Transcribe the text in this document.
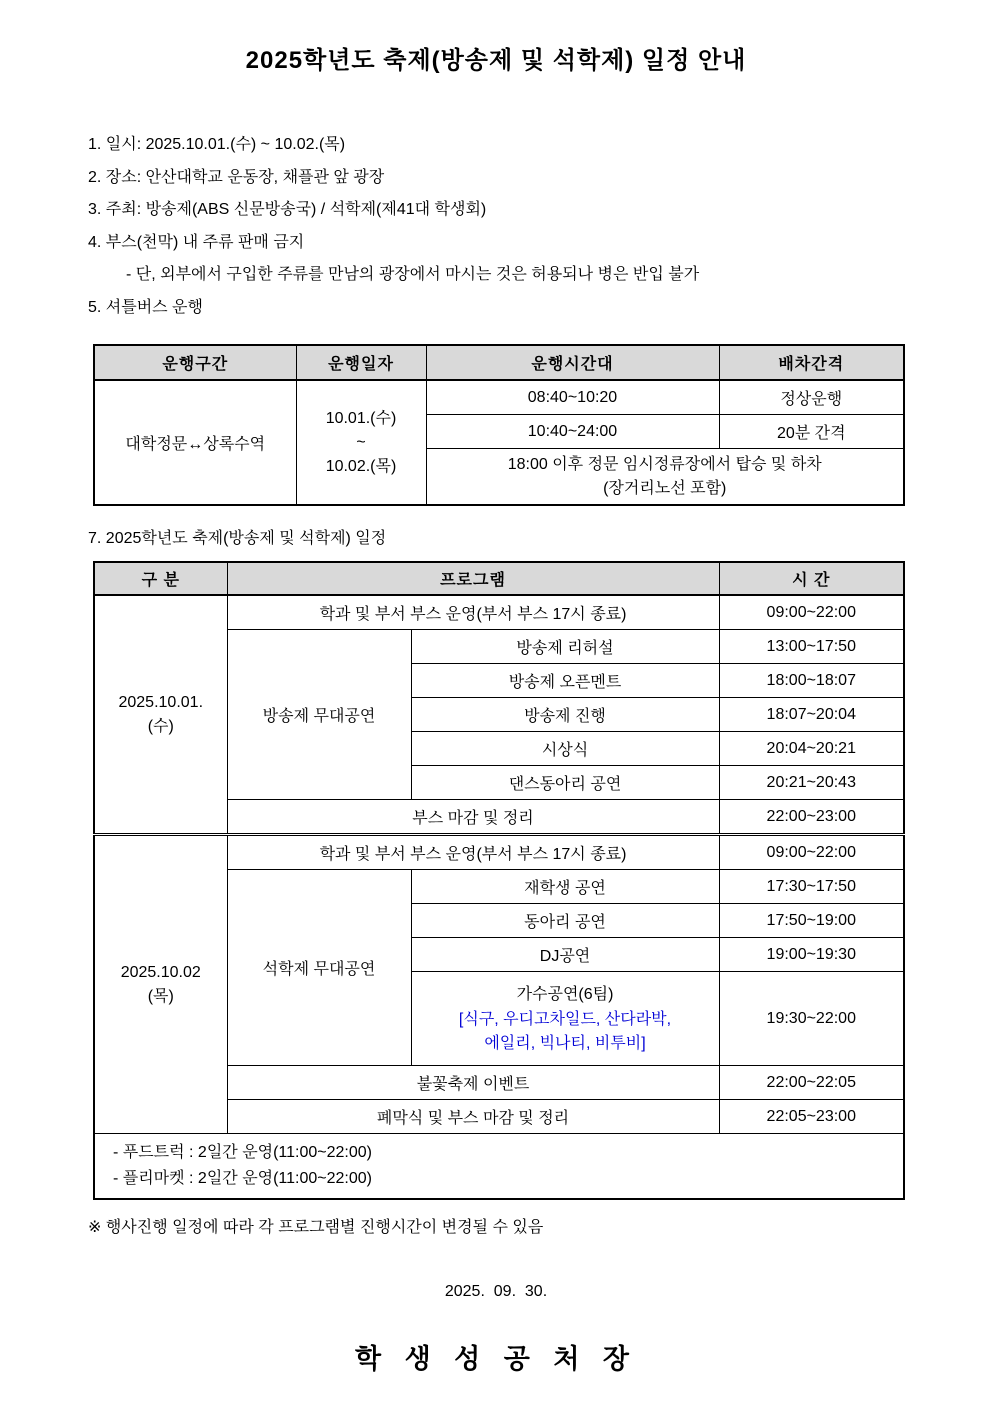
2025학년도 축제(방송제 및 석학제) 일정 안내
1. 일시: 2025.10.01.(수) ~ 10.02.(목)
2. 장소: 안산대학교 운동장, 채플관 앞 광장
3. 주최: 방송제(ABS 신문방송국) / 석학제(제41대 학생회)
4. 부스(천막) 내 주류 판매 금지
- 단, 외부에서 구입한 주류를 만남의 광장에서 마시는 것은 허용되나 병은 반입 불가
5. 셔틀버스 운행
운행구간	운행일자	운행시간대	배차간격
대학정문↔상록수역	10.01.(수)
~
10.02.(목)	08:40~10:20	정상운행
		10:40~24:00	20분 간격

		18:00 이후 정문 임시정류장에서 탑승 및 하차
(장거리노선 포함)	
7. 2025학년도 축제(방송제 및 석학제) 일정
구 분	프로그램		시 간

2025.10.01.
(수)	학과 및 부서 부스 운영(부서 부스 17시 종료)		09:00~22:00
	방송제 무대공연	방송제 리허설	13:00~17:50
		방송제 오픈멘트	18:00~18:07
		방송제 진행	18:07~20:04
		시상식	20:04~20:21
		댄스동아리 공연	20:21~20:43
	부스 마감 및 정리		22:00~23:00

2025.10.02
(목)	학과 및 부서 부스 운영(부서 부스 17시 종료)		09:00~22:00
	석학제 무대공연	재학생 공연	17:30~17:50
		동아리 공연	17:50~19:00
		DJ공연	19:00~19:30

		가수공연(6팀)
[식구, 우디고차일드, 산다라박,
에일리, 빅나티, 비투비]	19:30~22:00
	불꽃축제 이벤트		22:00~22:05
	폐막식 및 부스 마감 및 정리		22:05~23:00

- 푸드트럭 : 2일간 운영(11:00~22:00)
- 플리마켓 : 2일간 운영(11:00~22:00)			
※ 행사진행 일정에 따라 각 프로그램별 진행시간이 변경될 수 있음
2025.  09.  30.
학 생 성 공 처 장
